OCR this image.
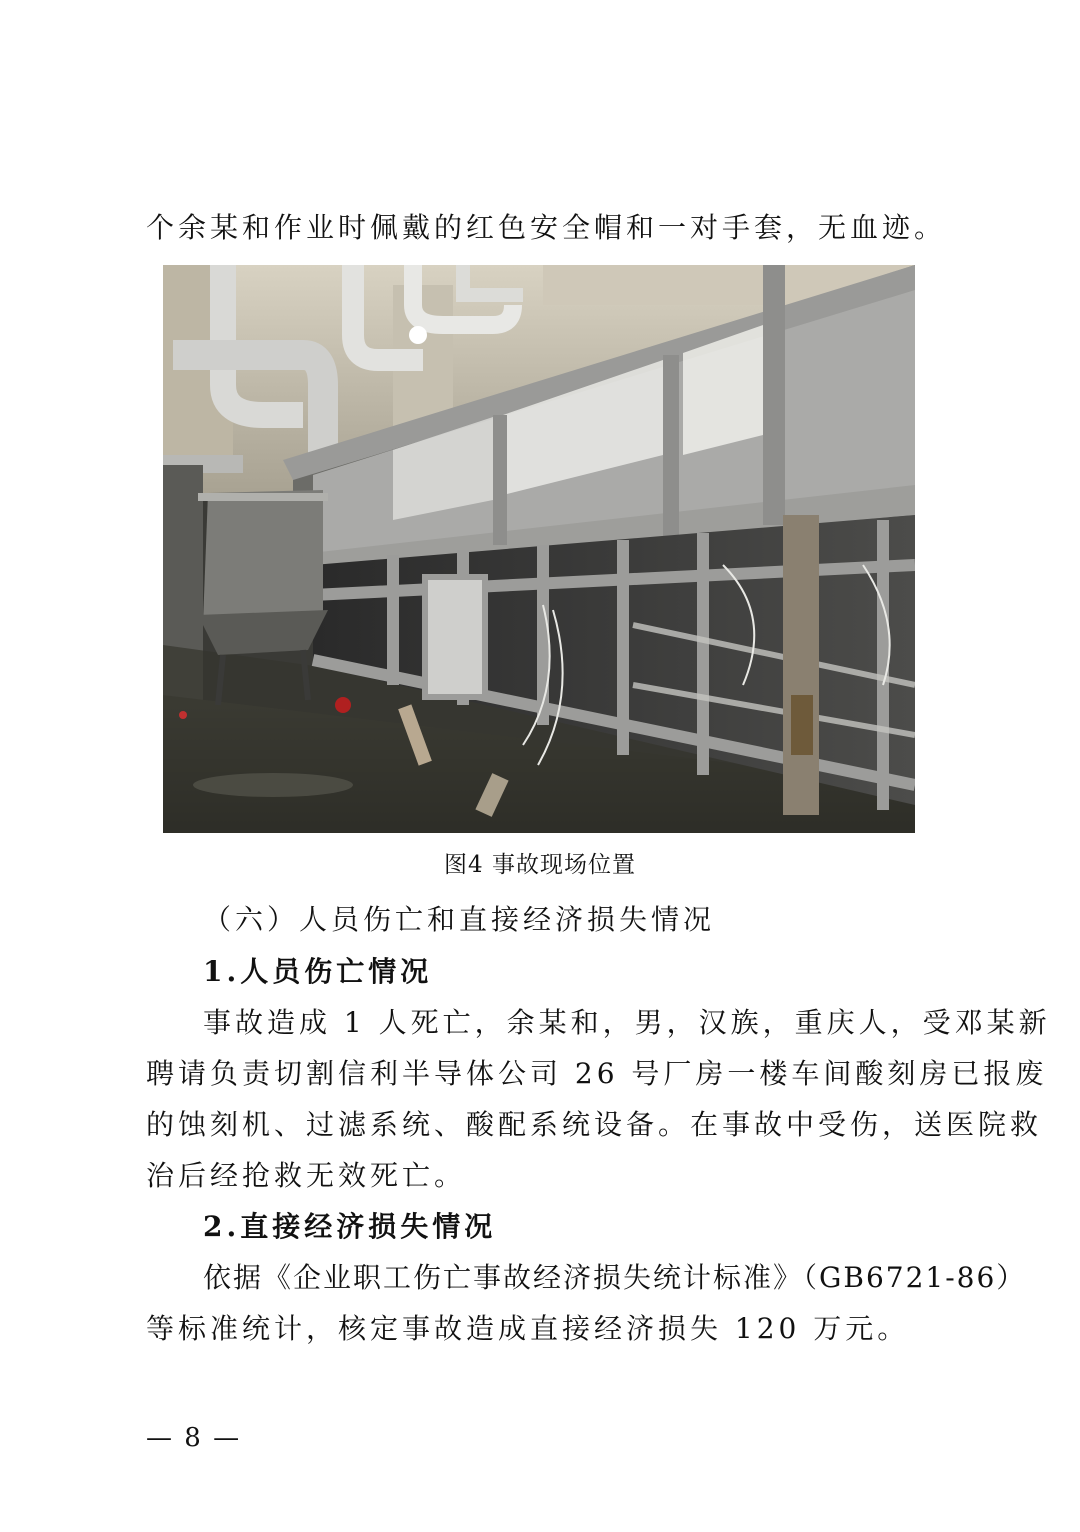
个余某和作业时佩戴的红色安全帽和一对手套，无血迹。
图4 事故现场位置
（六）人员伤亡和直接经济损失情况
1.人员伤亡情况
事故造成 1 人死亡，余某和，男，汉族，重庆人，受邓某新
聘请负责切割信利半导体公司 26 号厂房一楼车间酸刻房已报废
的蚀刻机、过滤系统、酸配系统设备。在事故中受伤，送医院救
治后经抢救无效死亡。
2.直接经济损失情况
依据《企业职工伤亡事故经济损失统计标准》（GB6721-86）
等标准统计，核定事故造成直接经济损失 120 万元。
— 8 —
